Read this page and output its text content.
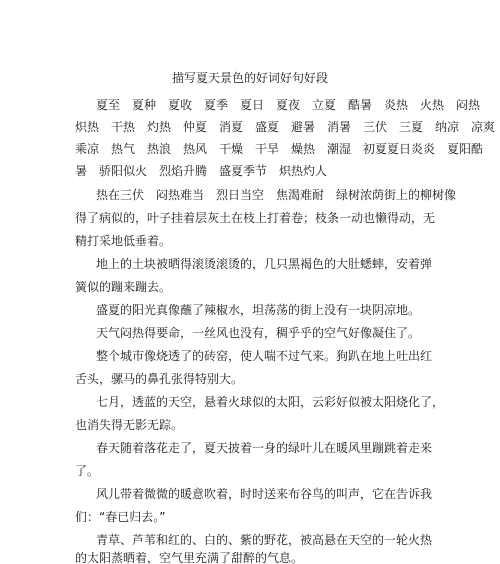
描写夏天景色的好词好句好段
夏至　夏种　夏收　夏季　夏日　夏夜　立夏　酷暑　炎热　火热　闷热
炽热　干热　灼热　仲夏　消夏　盛夏　避暑　消暑　三伏　三夏　纳凉　凉爽
乘凉　热气　热浪　热风　干燥　干旱　燥热　潮湿　初夏夏日炎炎　夏阳酷
暑　骄阳似火　烈焰升腾　盛夏季节　炽热灼人
热在三伏　闷热难当　烈日当空　焦渴难耐　绿树浓荫街上的柳树像
得了病似的，叶子挂着层灰土在枝上打着卷；枝条一动也懒得动，无
精打采地低垂着。
地上的土块被晒得滚烫滚烫的，几只黑褐色的大肚蟋蟀，安着弹
簧似的蹦来蹦去。
盛夏的阳光真像蘸了辣椒水，坦荡荡的街上没有一块阴凉地。
天气闷热得要命，一丝风也没有，稠乎乎的空气好像凝住了。
整个城市像烧透了的砖窑，使人喘不过气来。狗趴在地上吐出红
舌头，骡马的鼻孔张得特别大。
七月，透蓝的天空，悬着火球似的太阳，云彩好似被太阳烧化了，
也消失得无影无踪。
春天随着落花走了，夏天披着一身的绿叶儿在暖风里蹦跳着走来
了。
风儿带着微微的暖意吹着，时时送来布谷鸟的叫声，它在告诉我
们：“春已归去。”
青草、芦苇和红的、白的、紫的野花，被高悬在天空的一轮火热
的太阳蒸晒着，空气里充满了甜醉的气息。
